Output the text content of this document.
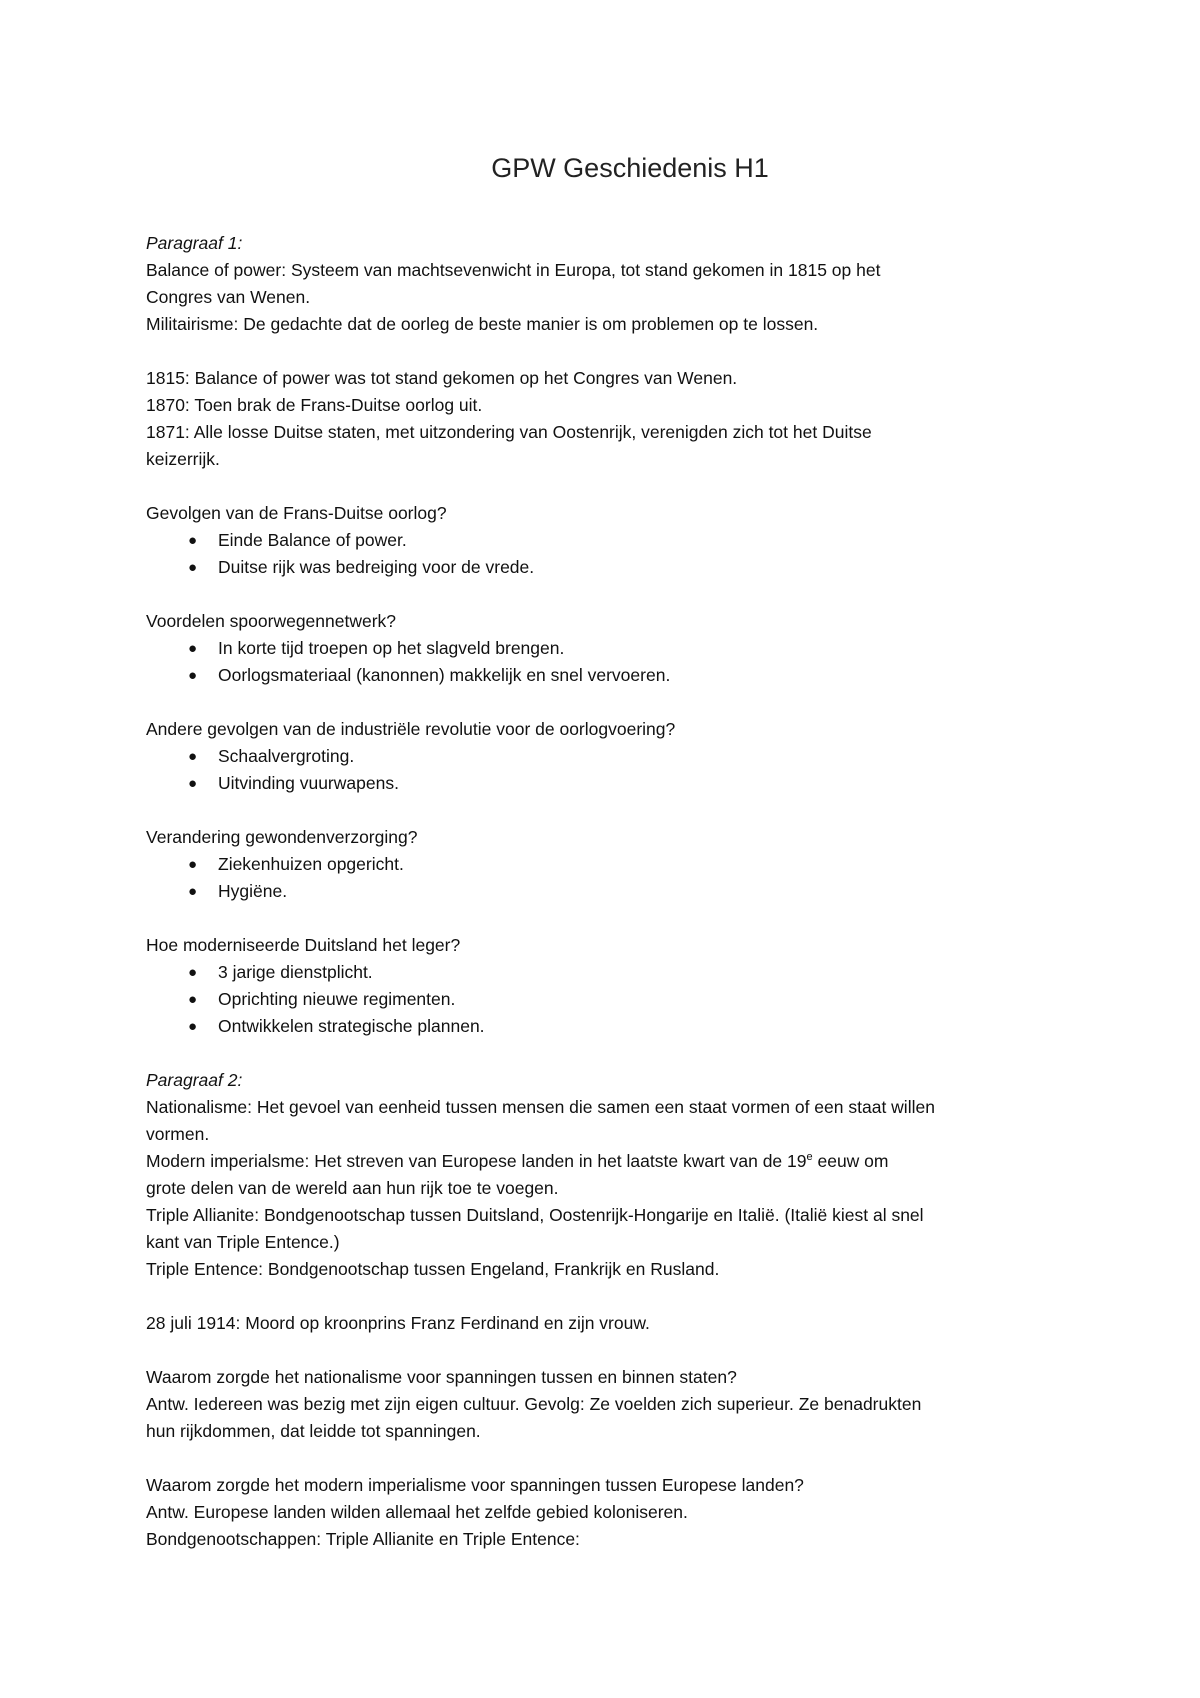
GPW Geschiedenis H1
Paragraaf 1:
Balance of power: Systeem van machtsevenwicht in Europa, tot stand gekomen in 1815 op het
Congres van Wenen.
Militairisme: De gedachte dat de oorleg de beste manier is om problemen op te lossen.
1815: Balance of power was tot stand gekomen op het Congres van Wenen.
1870: Toen brak de Frans-Duitse oorlog uit.
1871: Alle losse Duitse staten, met uitzondering van Oostenrijk, verenigden zich tot het Duitse
keizerrijk.
Gevolgen van de Frans-Duitse oorlog?
● Einde Balance of power.
● Duitse rijk was bedreiging voor de vrede.
Voordelen spoorwegennetwerk?
● In korte tijd troepen op het slagveld brengen.
● Oorlogsmateriaal (kanonnen) makkelijk en snel vervoeren.
Andere gevolgen van de industriële revolutie voor de oorlogvoering?
● Schaalvergroting.
● Uitvinding vuurwapens.
Verandering gewondenverzorging?
● Ziekenhuizen opgericht.
● Hygiëne.
Hoe moderniseerde Duitsland het leger?
● 3 jarige dienstplicht.
● Oprichting nieuwe regimenten.
● Ontwikkelen strategische plannen.
Paragraaf 2:
Nationalisme: Het gevoel van eenheid tussen mensen die samen een staat vormen of een staat willen
vormen.
Modern imperialsme: Het streven van Europese landen in het laatste kwart van de 19e eeuw om
grote delen van de wereld aan hun rijk toe te voegen.
Triple Allianite: Bondgenootschap tussen Duitsland, Oostenrijk-Hongarije en Italië. (Italië kiest al snel
kant van Triple Entence.)
Triple Entence: Bondgenootschap tussen Engeland, Frankrijk en Rusland.
28 juli 1914: Moord op kroonprins Franz Ferdinand en zijn vrouw.
Waarom zorgde het nationalisme voor spanningen tussen en binnen staten?
Antw. Iedereen was bezig met zijn eigen cultuur. Gevolg: Ze voelden zich superieur. Ze benadrukten
hun rijkdommen, dat leidde tot spanningen.
Waarom zorgde het modern imperialisme voor spanningen tussen Europese landen?
Antw. Europese landen wilden allemaal het zelfde gebied koloniseren.
Bondgenootschappen: Triple Allianite en Triple Entence:
